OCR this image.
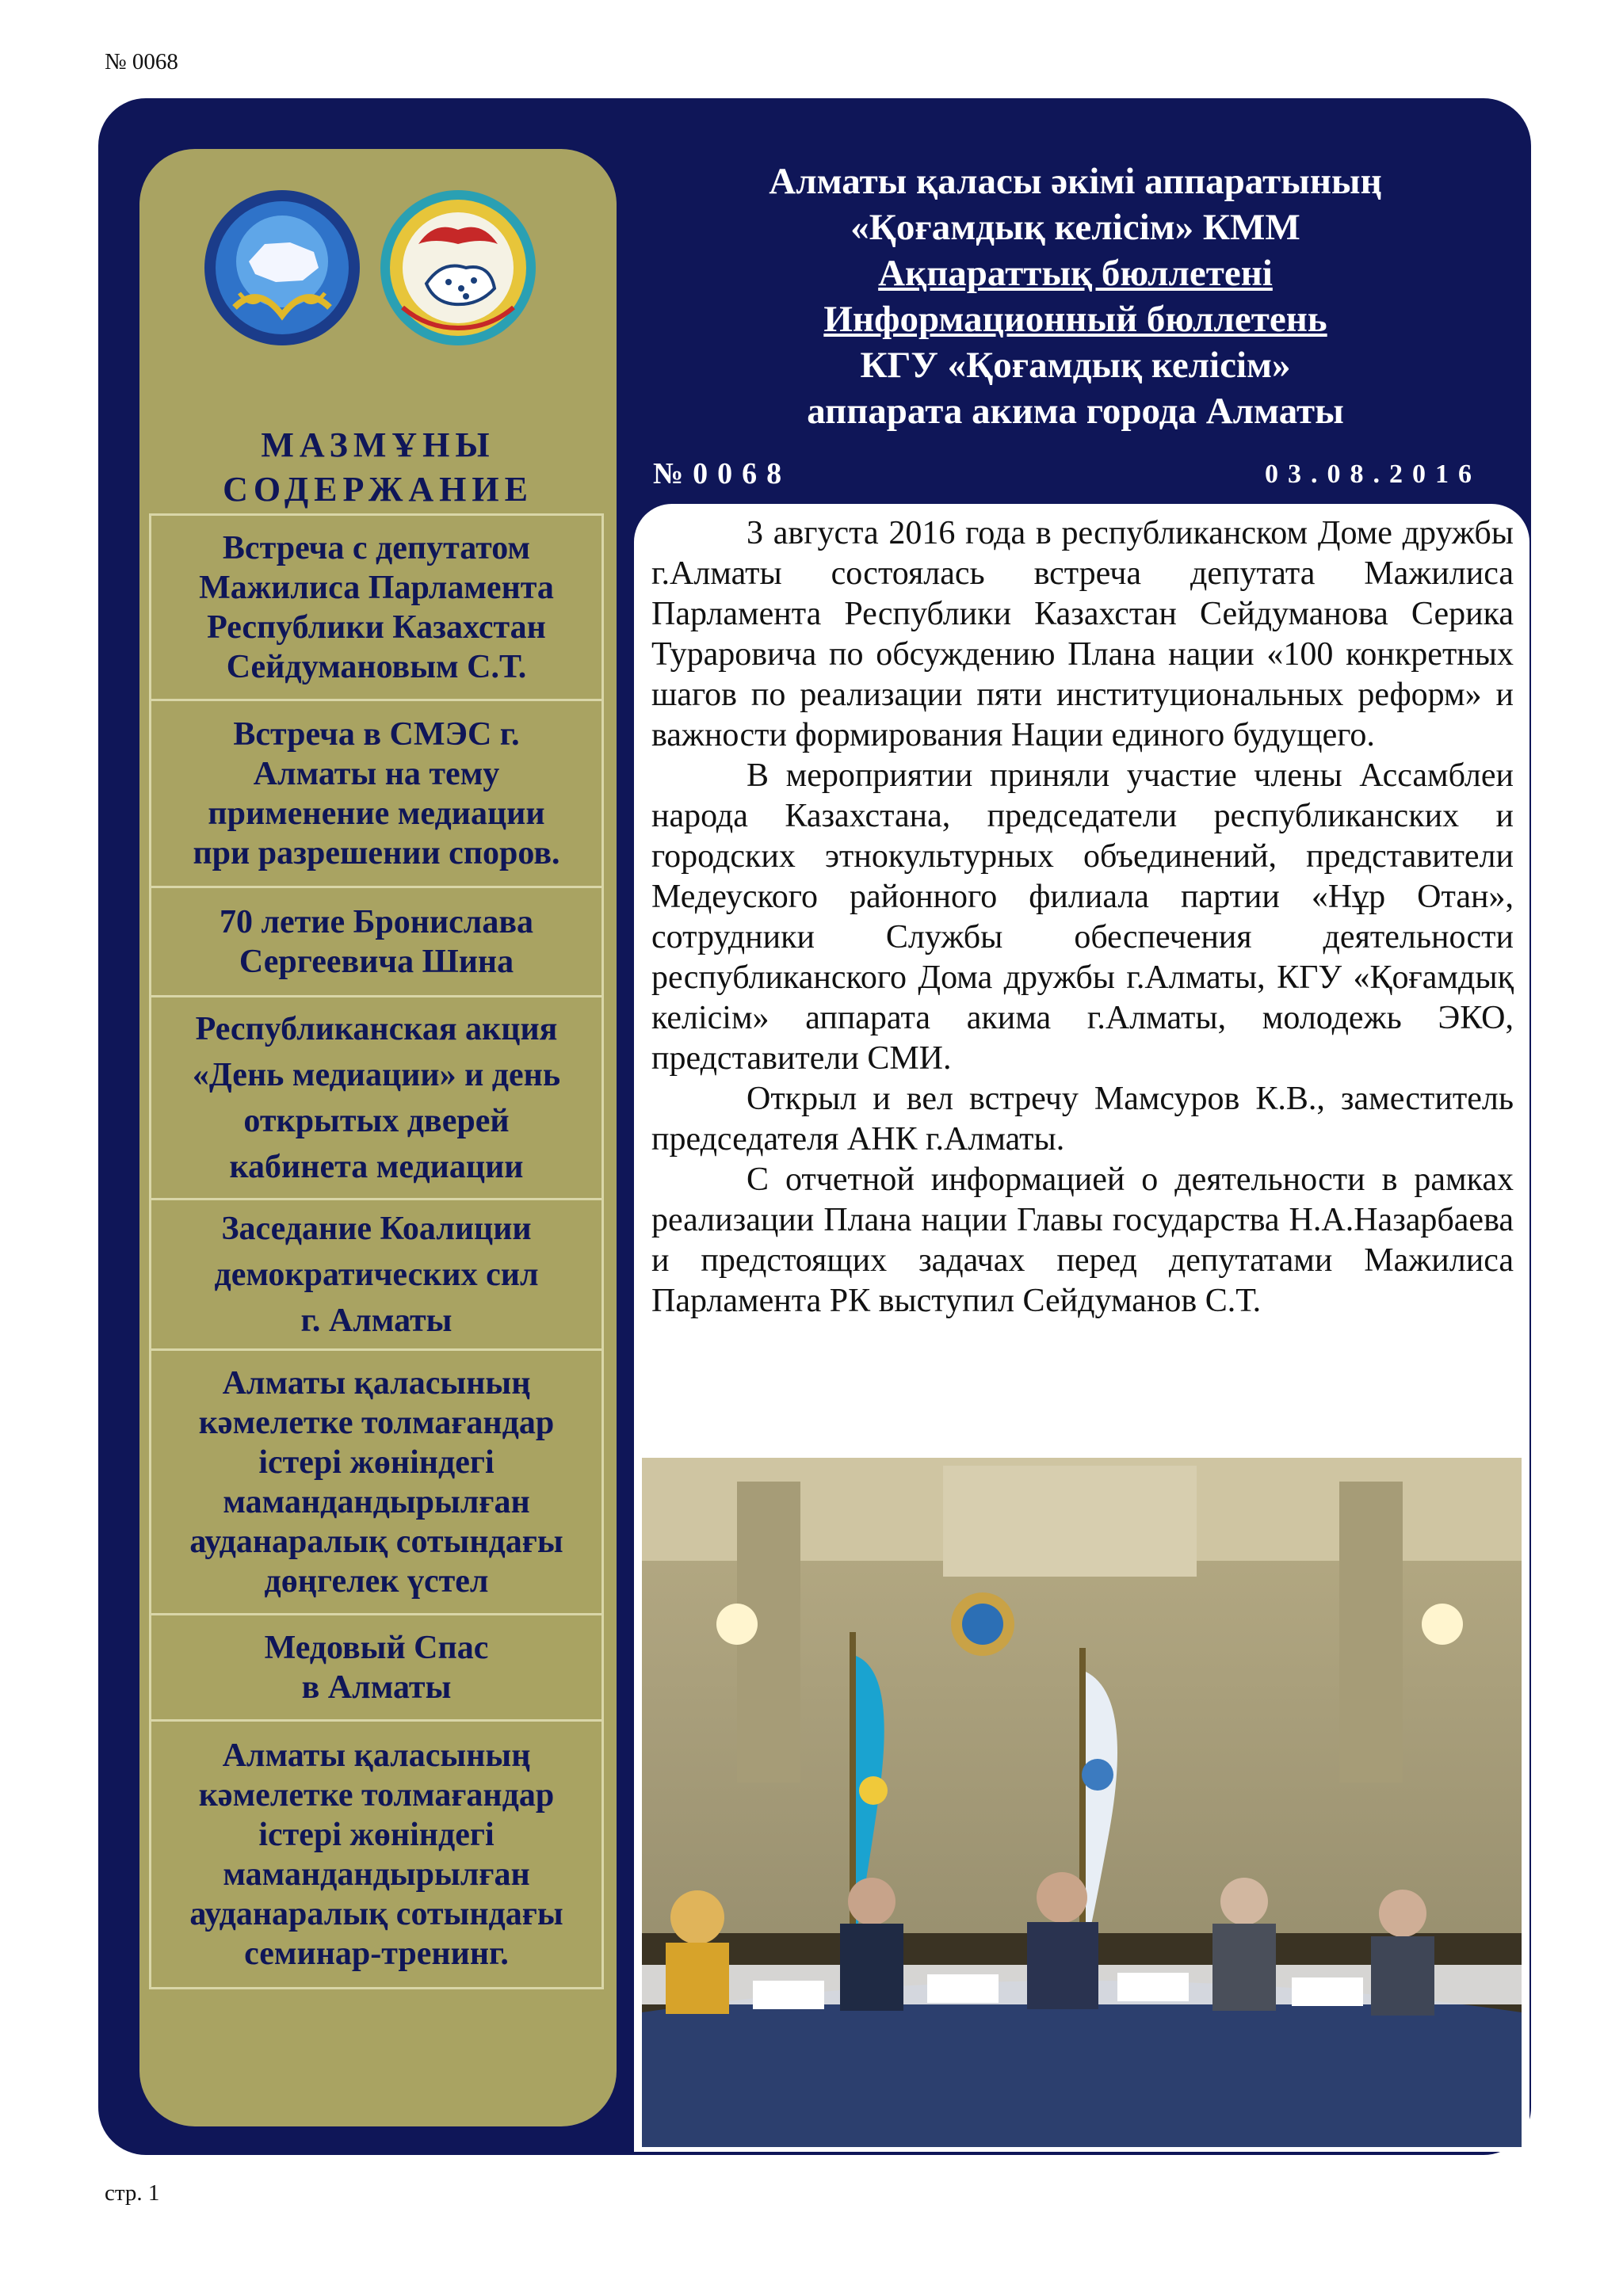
№ 0068
МАЗМҰНЫ
СОДЕРЖАНИЕ
Встреча с депутатом
Мажилиса Парламента
Республики Казахстан
Сейдумановым С.Т.
Встреча в СМЭС г.
Алматы на тему
применение медиации
при разрешении споров.
70 летие Бронислава
Сергеевича Шина
Республиканская акция
«День медиации» и день
открытых дверей
кабинета медиации
Заседание Коалиции
демократических сил
г. Алматы
Алматы қаласының
кәмелетке толмағандар
істері жөніндегі
мамандандырылған
ауданаралық сотындағы
дөңгелек үстел
Медовый Спас
в Алматы
Алматы қаласының
кәмелетке толмағандар
істері жөніндегі
мамандандырылған
ауданаралық сотындағы
семинар-тренинг.
Алматы қаласы әкімі аппаратының
«Қоғамдық келісім» КММ
Ақпараттық бюллетені
Информационный бюллетень
КГУ «Қоғамдық келісім»
аппарата акима города Алматы
№0068	03.08.2016

3 августа 2016 года в республиканском Доме дружбы г.Алматы состоялась встреча депутата Мажилиса Парламента Республики Казахстан Сейдуманова Серика Тураровича по обсуждению Плана нации «100 конкретных шагов по реализации пяти институциональных реформ» и важности формирования Нации единого будущего.

В мероприятии приняли участие члены Ассамблеи народа Казахстана, председатели республиканских и городских этнокультурных объединений, представители Медеуского районного филиала партии «Нұр Отан», сотрудники Службы обеспечения деятельности республиканского Дома дружбы г.Алматы, КГУ «Қоғамдық келісім» аппарата акима г.Алматы, молодежь ЭКО, представители СМИ.

Открыл и вел встречу Мамсуров К.В., заместитель председателя АНК г.Алматы.

С отчетной информацией о деятельности в рамках реализации Плана нации Главы государства Н.А.Назарбаева и предстоящих задачах перед депутатами Мажилиса Парламента РК выступил Сейдуманов С.Т.

стр. 1
